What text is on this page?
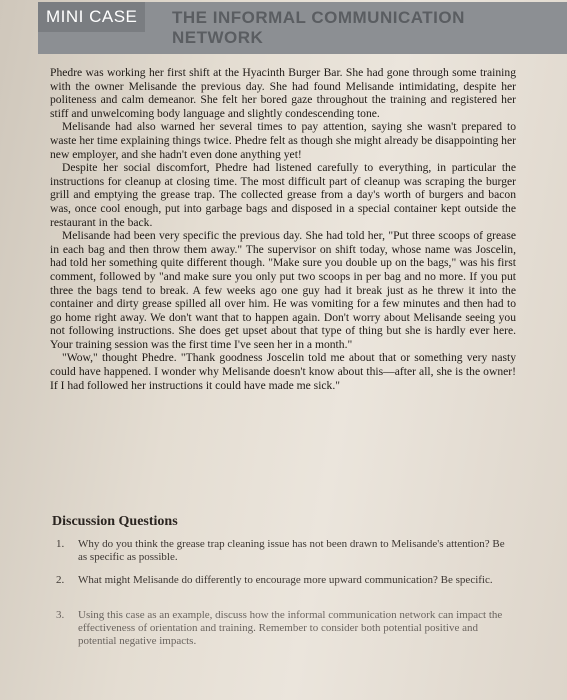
MINI CASE	THE INFORMAL COMMUNICATION
NETWORK

Phedre was working her first shift at the Hyacinth Burger Bar. She had gone through some training with the owner Melisande the previous day. She had found Melisande intimidating, despite her politeness and calm demeanor. She felt her bored gaze throughout the training and registered her stiff and unwelcoming body language and slightly condescending tone.

Melisande had also warned her several times to pay attention, saying she wasn't prepared to waste her time explaining things twice. Phedre felt as though she might already be disappointing her new employer, and she hadn't even done anything yet!

Despite her social discomfort, Phedre had listened carefully to everything, in particular the instructions for cleanup at closing time. The most difficult part of cleanup was scraping the burger grill and emptying the grease trap. The collected grease from a day's worth of burgers and bacon was, once cool enough, put into garbage bags and disposed in a special container kept outside the restaurant in the back.

Melisande had been very specific the previous day. She had told her, "Put three scoops of grease in each bag and then throw them away." The supervisor on shift today, whose name was Joscelin, had told her something quite different though. "Make sure you double up on the bags," was his first comment, followed by "and make sure you only put two scoops in per bag and no more. If you put three the bags tend to break. A few weeks ago one guy had it break just as he threw it into the container and dirty grease spilled all over him. He was vomiting for a few minutes and then had to go home right away. We don't want that to happen again. Don't worry about Melisande seeing you not following instructions. She does get upset about that type of thing but she is hardly ever here. Your training session was the first time I've seen her in a month."

"Wow," thought Phedre. "Thank goodness Joscelin told me about that or something very nasty could have happened. I wonder why Melisande doesn't know about this—after all, she is the owner! If I had followed her instructions it could have made me sick."

Discussion Questions
1. Why do you think the grease trap cleaning issue has not been drawn to Melisande's attention? Be as specific as possible.
2. What might Melisande do differently to encourage more upward communication? Be specific.
3. Using this case as an example, discuss how the informal communication network can impact the effectiveness of orientation and training. Remember to consider both potential positive and potential negative impacts.
